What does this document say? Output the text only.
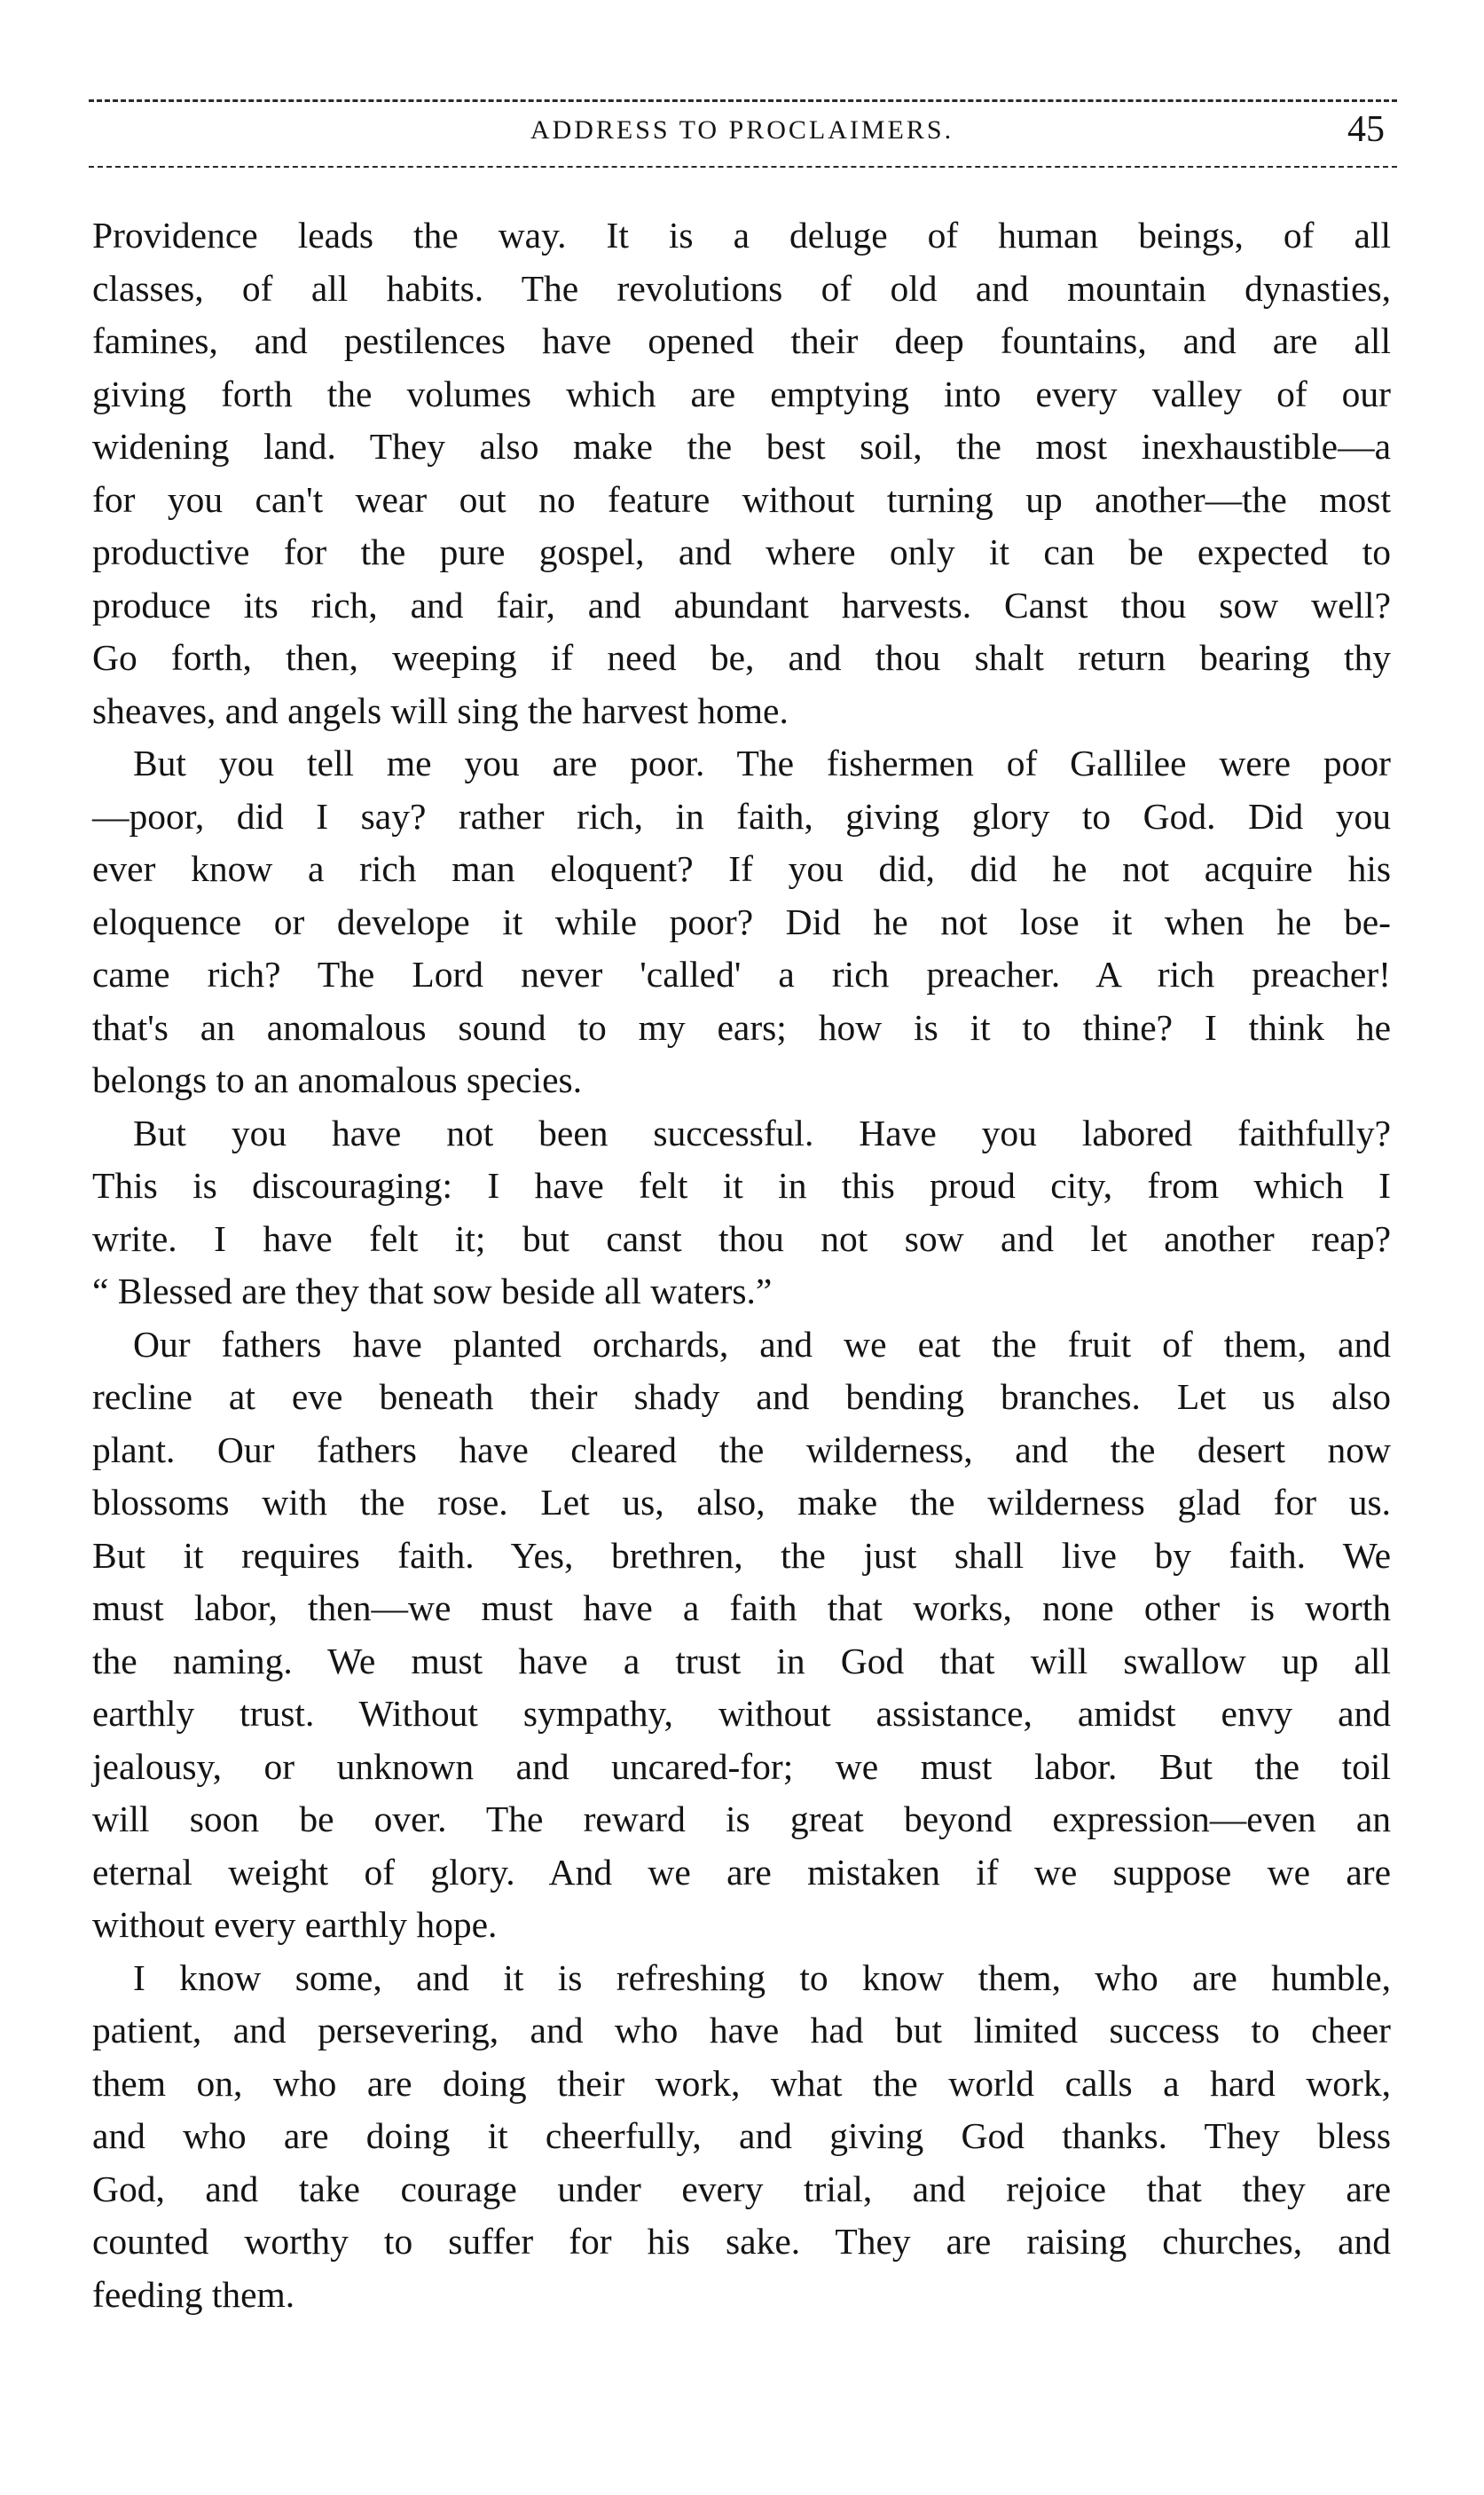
ADDRESS TO PROCLAIMERS.	45
Providence leads the way. It is a deluge of human beings, of all
classes, of all habits. The revolutions of old and mountain dynasties,
famines, and pestilences have opened their deep fountains, and are all
giving forth the volumes which are emptying into every valley of our
widening land. They also make the best soil, the most inexhaustible—a
for you can't wear out no feature without turning up another—the most
productive for the pure gospel, and where only it can be expected to
produce its rich, and fair, and abundant harvests. Canst thou sow well?
Go forth, then, weeping if need be, and thou shalt return bearing thy
sheaves, and angels will sing the harvest home.
But you tell me you are poor. The fishermen of Gallilee were poor
—poor, did I say? rather rich, in faith, giving glory to God. Did you
ever know a rich man eloquent? If you did, did he not acquire his
eloquence or develope it while poor? Did he not lose it when he be-
came rich? The Lord never 'called' a rich preacher. A rich preacher!
that's an anomalous sound to my ears; how is it to thine? I think he
belongs to an anomalous species.
But you have not been successful. Have you labored faithfully?
This is discouraging: I have felt it in this proud city, from which I
write. I have felt it; but canst thou not sow and let another reap?
“ Blessed are they that sow beside all waters.”
Our fathers have planted orchards, and we eat the fruit of them, and
recline at eve beneath their shady and bending branches. Let us also
plant. Our fathers have cleared the wilderness, and the desert now
blossoms with the rose. Let us, also, make the wilderness glad for us.
But it requires faith. Yes, brethren, the just shall live by faith. We
must labor, then—we must have a faith that works, none other is worth
the naming. We must have a trust in God that will swallow up all
earthly trust. Without sympathy, without assistance, amidst envy and
jealousy, or unknown and uncared-for; we must labor. But the toil
will soon be over. The reward is great beyond expression—even an
eternal weight of glory. And we are mistaken if we suppose we are
without every earthly hope.
I know some, and it is refreshing to know them, who are humble,
patient, and persevering, and who have had but limited success to cheer
them on, who are doing their work, what the world calls a hard work,
and who are doing it cheerfully, and giving God thanks. They bless
God, and take courage under every trial, and rejoice that they are
counted worthy to suffer for his sake. They are raising churches, and
feeding them.
